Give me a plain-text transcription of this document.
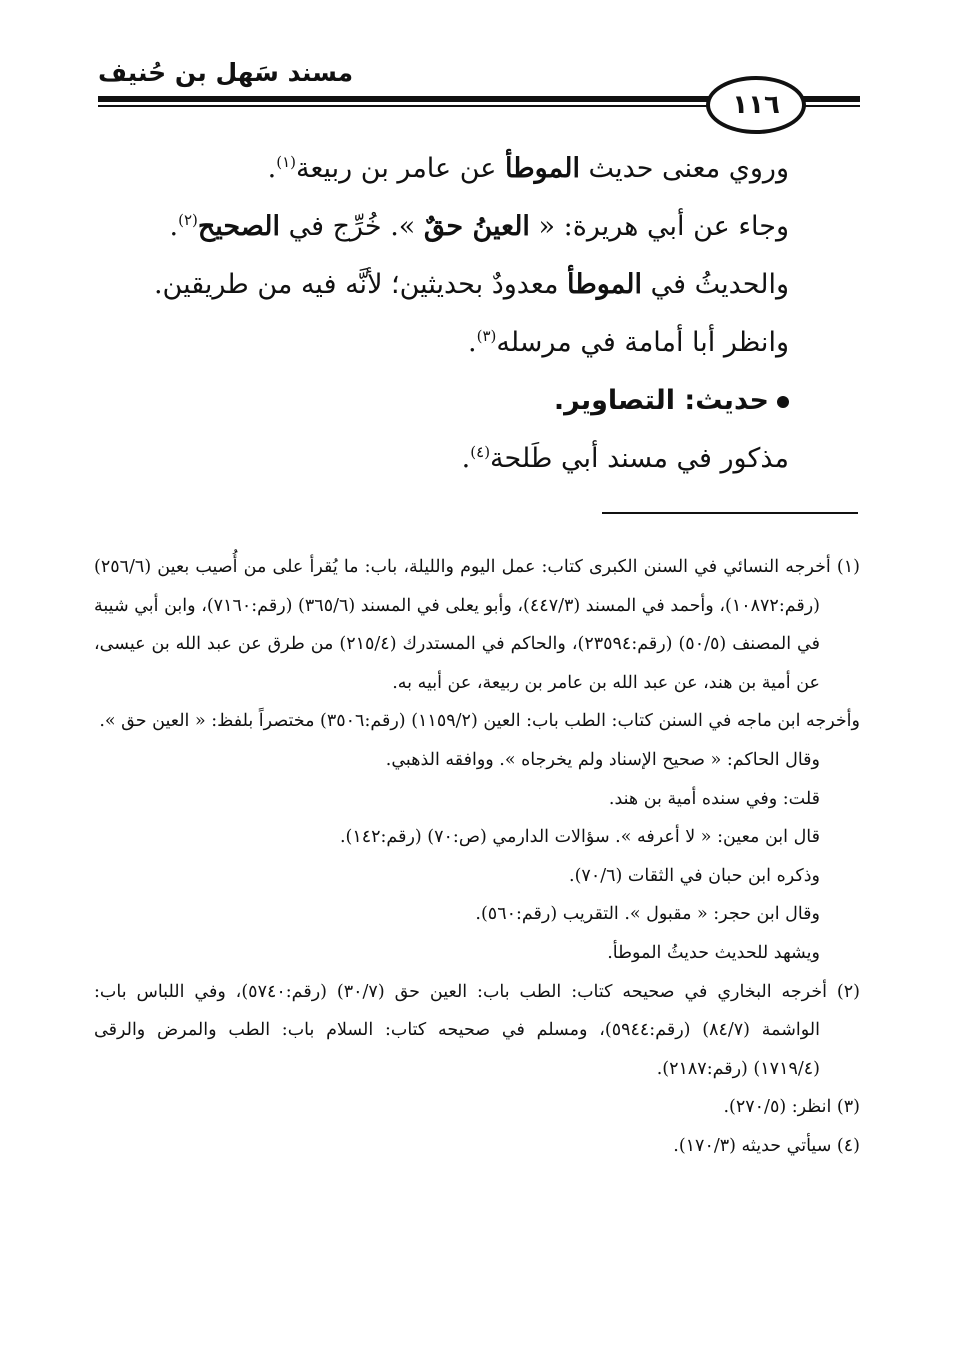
١١٦
مسند سَهل بن حُنيف
وروي معنى حديث الموطأ عن عامر بن ربيعة$^{(١)}$.
وجاء عن أبي هريرة: « العينُ حقٌ ». خُرِّج في الصحيح$^{(٢)}$.
والحديثُ في الموطأ معدودٌ بحديثين؛ لأنَّه فيه من طريقين.
وانظر أبا أمامة في مرسله$^{(٣)}$.
حديث: التصاوير.
مذكور في مسند أبي طَلحة$^{(٤)}$.

(١) أخرجه النسائي في السنن الكبرى كتاب: عمل اليوم والليلة، باب: ما يُقرأ على من أُصيب بعين (٢٥٦/٦) (رقم:١٠٨٧٢)، وأحمد في المسند (٤٤٧/٣)، وأبو يعلى في المسند (٣٦٥/٦) (رقم:٧١٦٠)، وابن أبي شيبة في المصنف (٥٠/٥) (رقم:٢٣٥٩٤)، والحاكم في المستدرك (٢١٥/٤) من طرق عن عبد الله بن عيسى، عن أمية بن هند، عن عبد الله بن عامر بن ربيعة، عن أبيه به.

وأخرجه ابن ماجه في السنن كتاب: الطب باب: العين (١١٥٩/٢) (رقم:٣٥٠٦) مختصراً بلفظ: « العين حق ».

وقال الحاكم: « صحيح الإسناد ولم يخرجاه ». ووافقه الذهبي.

قلت: وفي سنده أمية بن هند.

قال ابن معين: « لا أعرفه ». سؤالات الدارمي (ص:٧٠) (رقم:١٤٢).

وذكره ابن حبان في الثقات (٧٠/٦).

وقال ابن حجر: « مقبول ». التقريب (رقم:٥٦٠).

ويشهد للحديث حديثُ الموطأ.

(٢) أخرجه البخاري في صحيحه كتاب: الطب باب: العين حق (٣٠/٧) (رقم:٥٧٤٠)، وفي اللباس باب: الواشمة (٨٤/٧) (رقم:٥٩٤٤)، ومسلم في صحيحه كتاب: السلام باب: الطب والمرض والرقى (١٧١٩/٤) (رقم:٢١٨٧).

(٣) انظر: (٢٧٠/٥).

(٤) سيأتي حديثه (١٧٠/٣).
